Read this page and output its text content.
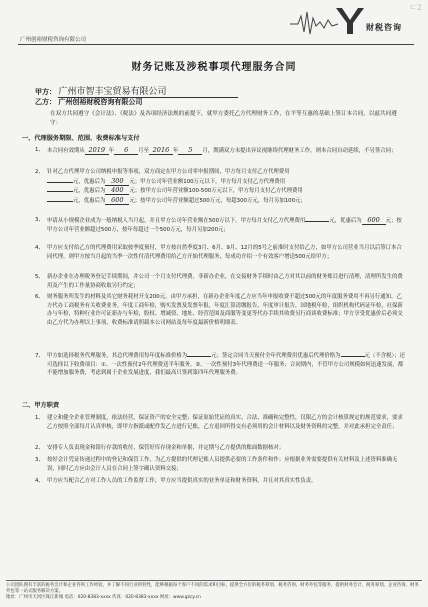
ㄷ2
广州创裕财税咨询有限公司
财税咨询
财务记账及涉税事项代理服务合同
甲方： 广州市智丰宝贸易有限公司
乙方： 广州创裕财税咨询有限公司
在双方共同遵守《会计法》、《税法》及各项经济法规的前提下，就甲方委托乙方代理财务工作，在平等互惠的基础上签订本合同，以兹共同遵守：
一、代理服务期限、范围、收费标准与支付
1、 本合同有效期从 2019 年 6 月至 2016 年 5 月，期满双方未提出异议视继续代理财务工作，则本合同自动延续，不另签合同；
2、 针对乙方代理甲方公司纳税申报等事项，双方商定在甲方公司零申报期间，甲方每月支付乙方代理费用
元，优惠后为 300 元；甲方公司年营业额100万元以下，甲方每月支付乙方代理费用
元，优惠后为 400 元；按甲方公司年营业额100-500万元以下，甲方每月支付乙方代理费用
元，优惠后为 600 元；按甲方公司年营业额超过500万元，每超300万元，每月另加100元；
3、 申请从小规模企业成为一般纳税人当月起，并且甲方公司年营业额在500万以下，甲方每月支付乙方代理费用	元，优惠后为 600 元；按甲方公司年营业额超过500万，按年每超过一个500万元，每月另加200元；
4、 甲方应支付给乙方的代理费用采取按季度预付，甲方按自然季度3月、6月、9月、12月的5号之前准时支付给乙方，如甲方公司营业当月以后签订本合同代理，则甲方按当月起的当季一次性付清代理费用给乙方开始代理服务，每成功介绍一个有效客户增送500元给甲方；
5、 新办企业在办理税务登记手续期间，并公司一个月支付代理费，非新办企业，在交接财务手续时由乙方对其以前的财务账目进行清理，清理所发生的费用及产生的工作量协商收取另行约定；
6、 财务服务所发生的材料及其它财务耗材开支200元，由甲方承担，在新办企业年度乙方应当年申报收费不超过500元的年度服务费用不再另行通知。乙方代办工商税务有关收费业务，年度工商年检，购买发票及发票年报，年度汇算清缴报告，年度审计报告，国地税年检，组织机构代码证年检，社保新办与年检，特种行业许可证新办与年检，股权、增减资、地址、经营范围及商服等变更等代办手续其收费另行商谈收费标准；甲方享受优惠价后必须交由乙方代为办理以上事项，收费标准请照载本公司网站及每年度最新价格明细表。
7、 甲方如选择税务代理服务，其总代理费用每年度标准价格为	元；签定合同当天预付全年代理费用优惠后代理价格为	元（不含税）；还可选择以下收费项目：①、一次性预付2年代理费送半年服务，②、一次性预付3年代理费送一年服务；合同期内，不管甲方公司规模如何迅速发展，都不能增加服务费，考虑到属于企业发展进度，我们最高只签到第四年代理服务费。
二、甲方职责
1、 建立和健全企业管理制度，依法经营，保证资产的安全完整；保证原始凭证的真实、合法、准确和完整性，仅限乙方的会计核算规定的规范要求，要求乙方按照全部每月认真审核，即甲方指派或配件发乙方进行记账，乙方退回所得交有必须用的会计材料以及财务资料的完整，并对此承担完全责任；
2、 安排专人负责现金和银行存款的收付，保管好库存现金和单据，并定期与乙方提供的账面数据核对；
3、 按好会计凭证传递过程中的登记和保管工作，为乙方提供的代理记账人员提供必要的工作条件和作；应根据业务需要提供有关材料及上述资料准确无误，同时乙方应由会计人员在合同上签字确认资料交接；
4、 甲方应当配合乙方对工作人员的工作监督工作，甲方应当提供真实的业务单证和财务资料，并且对其真实性负责。
公司团队拥有丰富的税务会计和企业咨询工作经验，并了解不同行业的特性，能够根据每个客户不同的需求和目标，提供全方位的税务筹划、税务咨询、财务外包等服务，提供财务会计、税务筹划、企业咨询、财务外包等一站式服务解决方案。
地址：广州市天河区珠江新城 电话：020-8383-xxxx 传真：020-8383-xxxx 网址：www.gzcy.cn
